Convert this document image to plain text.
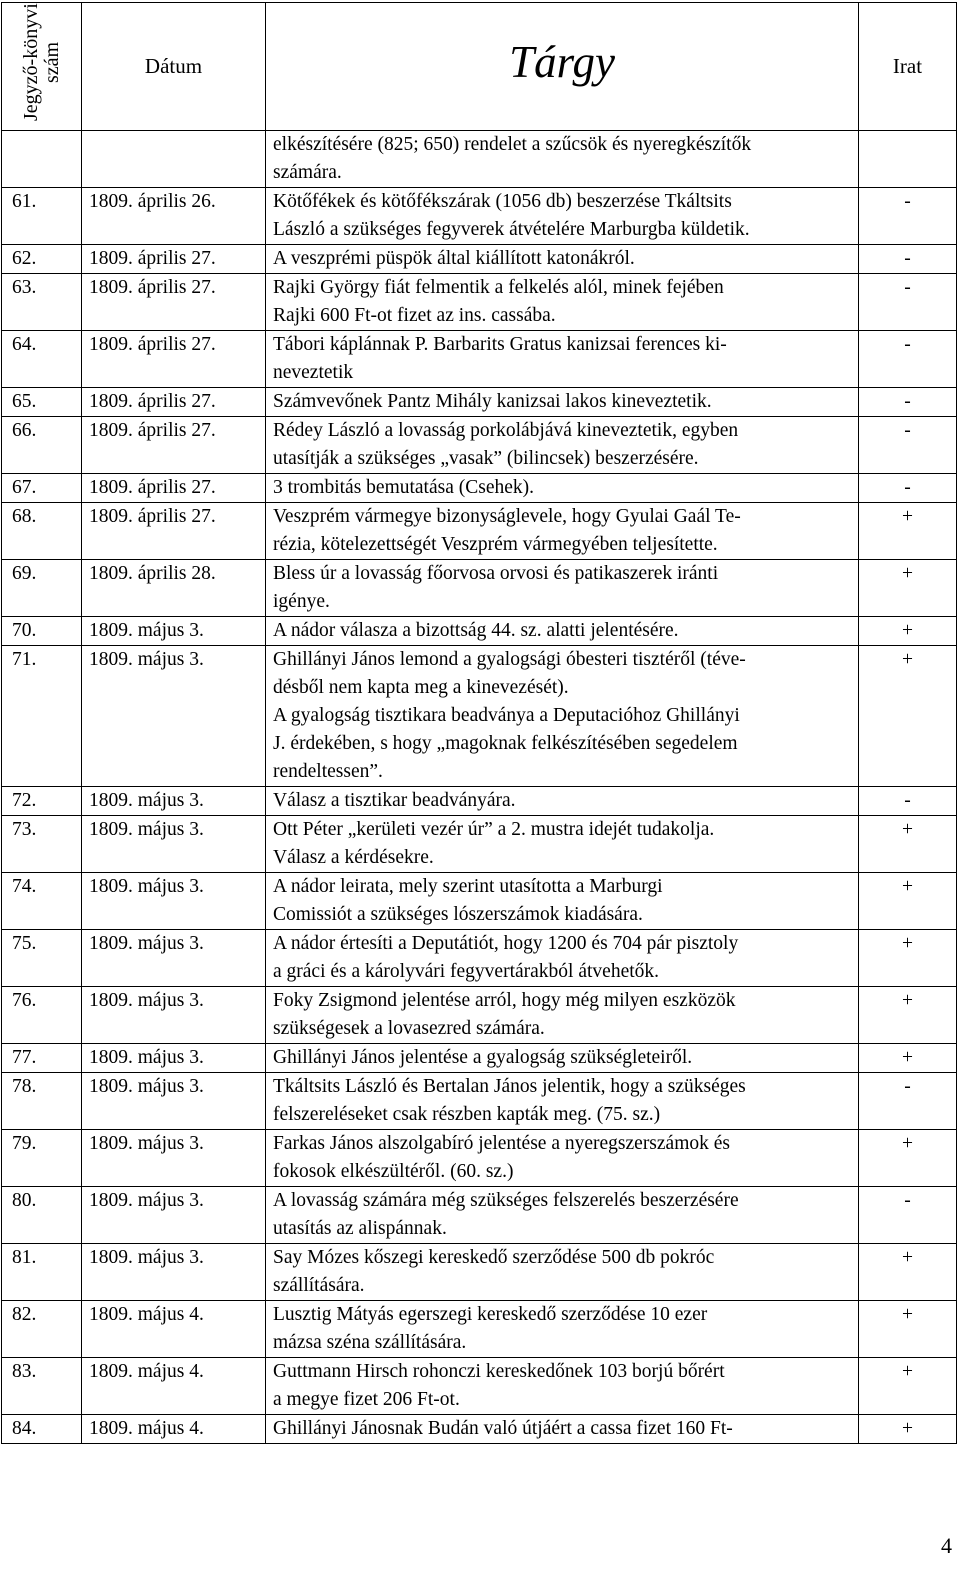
Jegyző-könyvi szám	Dátum	Tárgy	Irat

		elkészítésére (825; 650) rendelet a szűcsök és nyeregkészítők
számára.	

61.	1809. április 26.	Kötőfékek és kötőfékszárak (1056 db) beszerzése Tkáltsits
László a szükséges fegyverek átvételére Marburgba küldetik.	-
62.	1809. április 27.	A veszprémi püspök által kiállított katonákról.	-
63.	1809. április 27.	Rajki György fiát felmentik a felkelés alól, minek fejében
Rajki 600 Ft-ot fizet az ins. cassába.	-
64.	1809. április 27.	Tábori káplánnak P. Barbarits Gratus kanizsai ferences ki-
neveztetik	-
65.	1809. április 27.	Számvevőnek Pantz Mihály kanizsai lakos kineveztetik.	-
66.	1809. április 27.	Rédey László a lovasság porkolábjává kineveztetik, egyben
utasítják a szükséges „vasak” (bilincsek) beszerzésére.	-
67.	1809. április 27.	3 trombitás bemutatása (Csehek).	-
68.	1809. április 27.	Veszprém vármegye bizonyságlevele, hogy Gyulai Gaál Te-
rézia, kötelezettségét Veszprém vármegyében teljesítette.	+
69.	1809. április 28.	Bless úr a lovasság főorvosa orvosi és patikaszerek iránti
igénye.	+
70.	1809. május 3.	A nádor válasza a bizottság 44. sz. alatti jelentésére.	+
71.	1809. május 3.	Ghillányi János lemond a gyalogsági óbesteri tisztéről (téve-
désből nem kapta meg a kinevezését).
A gyalogság tisztikara beadványa a Deputacióhoz Ghillányi
J. érdekében, s hogy „magoknak felkészítésében segedelem
rendeltessen”.	+
72.	1809. május 3.	Válasz a tisztikar beadványára.	-
73.	1809. május 3.	Ott Péter „kerületi vezér úr” a 2. mustra idejét tudakolja.
Válasz a kérdésekre.	+
74.	1809. május 3.	A nádor leirata, mely szerint utasította a Marburgi
Comissiót a szükséges lószerszámok kiadására.	+
75.	1809. május 3.	A nádor értesíti a Deputátiót, hogy 1200 és 704 pár pisztoly
a gráci és a károlyvári fegyvertárakból átvehetők.	+
76.	1809. május 3.	Foky Zsigmond jelentése arról, hogy még milyen eszközök
szükségesek a lovasezred számára.	+
77.	1809. május 3.	Ghillányi János jelentése a gyalogság szükségleteiről.	+
78.	1809. május 3.	Tkáltsits László és Bertalan János jelentik, hogy a szükséges
felszereléseket csak részben kapták meg. (75. sz.)	-
79.	1809. május 3.	Farkas János alszolgabíró jelentése a nyeregszerszámok és
fokosok elkészültéről. (60. sz.)	+
80.	1809. május 3.	A lovasság számára még szükséges felszerelés beszerzésére
utasítás az alispánnak.	-
81.	1809. május 3.	Say Mózes kőszegi kereskedő szerződése 500 db pokróc
szállítására.	+
82.	1809. május 4.	Lusztig Mátyás egerszegi kereskedő szerződése 10 ezer
mázsa széna szállítására.	+
83.	1809. május 4.	Guttmann Hirsch rohonczi kereskedőnek 103 borjú bőrért
a megye fizet 206 Ft-ot.	+
84.	1809. május 4.	Ghillányi Jánosnak Budán való útjáért a cassa fizet 160 Ft-	+
4
